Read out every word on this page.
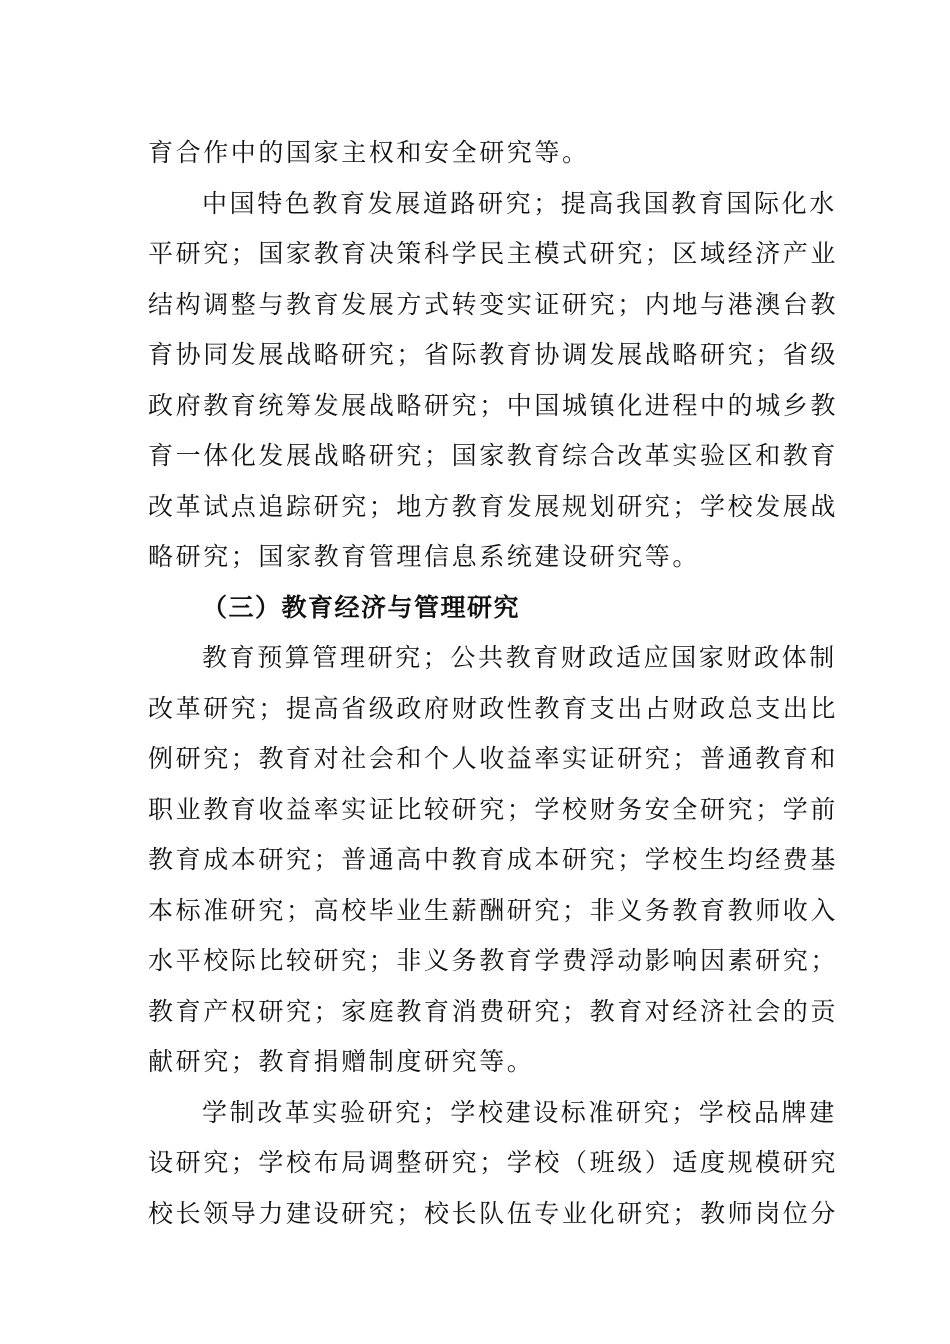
育合作中的国家主权和安全研究等。

中国特色教育发展道路研究；提高我国教育国际化水
平研究；国家教育决策科学民主模式研究；区域经济产业
结构调整与教育发展方式转变实证研究；内地与港澳台教
育协同发展战略研究；省际教育协调发展战略研究；省级
政府教育统筹发展战略研究；中国城镇化进程中的城乡教
育一体化发展战略研究；国家教育综合改革实验区和教育
改革试点追踪研究；地方教育发展规划研究；学校发展战
略研究；国家教育管理信息系统建设研究等。

（三）教育经济与管理研究

教育预算管理研究；公共教育财政适应国家财政体制
改革研究；提高省级政府财政性教育支出占财政总支出比
例研究；教育对社会和个人收益率实证研究；普通教育和
职业教育收益率实证比较研究；学校财务安全研究；学前
教育成本研究；普通高中教育成本研究；学校生均经费基
本标准研究；高校毕业生薪酬研究；非义务教育教师收入
水平校际比较研究；非义务教育学费浮动影响因素研究；
教育产权研究；家庭教育消费研究；教育对经济社会的贡
献研究；教育捐赠制度研究等。

学制改革实验研究；学校建设标准研究；学校品牌建
设研究；学校布局调整研究；学校（班级）适度规模研究
校长领导力建设研究；校长队伍专业化研究；教师岗位分
